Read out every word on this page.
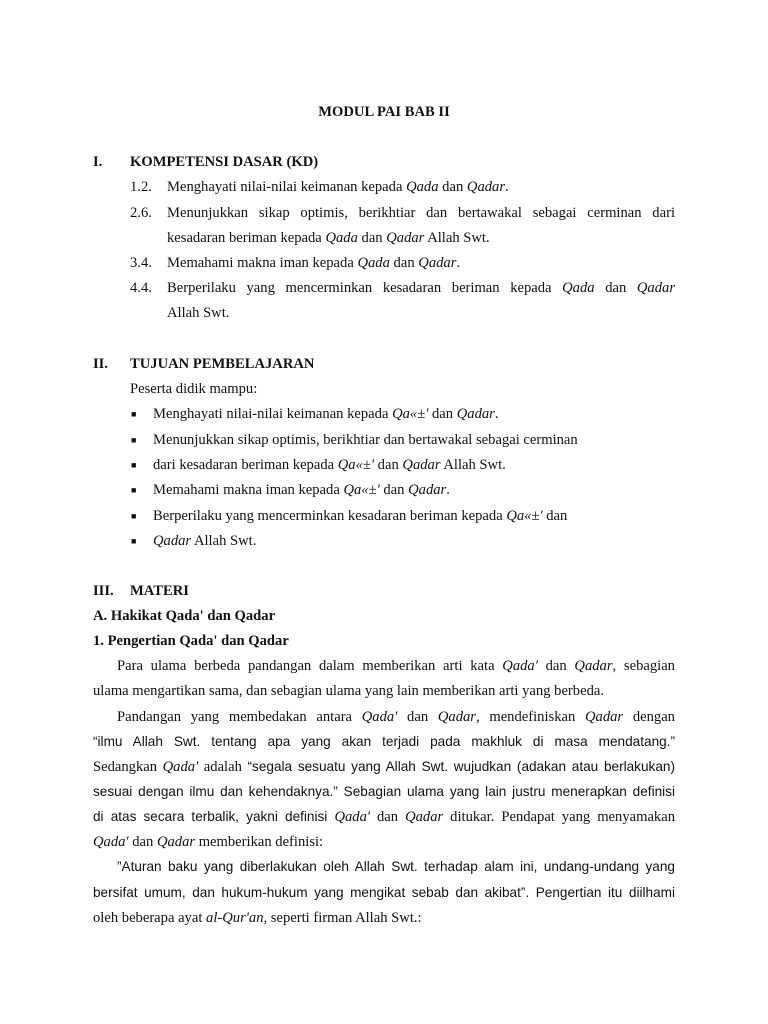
MODUL PAI BAB II
I. KOMPETENSI DASAR (KD)
1.2. Menghayati nilai-nilai keimanan kepada Qada dan Qadar.
2.6. Menunjukkan sikap optimis, berikhtiar dan bertawakal sebagai cerminan dari
kesadaran beriman kepada Qada dan Qadar Allah Swt.
3.4. Memahami makna iman kepada Qada dan Qadar.
4.4. Berperilaku yang mencerminkan kesadaran beriman kepada Qada dan Qadar
Allah Swt.
II. TUJUAN PEMBELAJARAN
Peserta didik mampu:
■ Menghayati nilai-nilai keimanan kepada Qa«±' dan Qadar.
■ Menunjukkan sikap optimis, berikhtiar dan bertawakal sebagai cerminan
■ dari kesadaran beriman kepada Qa«±' dan Qadar Allah Swt.
■ Memahami makna iman kepada Qa«±' dan Qadar.
■ Berperilaku yang mencerminkan kesadaran beriman kepada Qa«±' dan
■ Qadar Allah Swt.
III. MATERI
A. Hakikat Qada' dan Qadar
1. Pengertian Qada' dan Qadar
Para ulama berbeda pandangan dalam memberikan arti kata Qada' dan Qadar, sebagian
ulama mengartikan sama, dan sebagian ulama yang lain memberikan arti yang berbeda.
Pandangan yang membedakan antara Qada' dan Qadar, mendefiniskan Qadar dengan
“ilmu Allah Swt. tentang apa yang akan terjadi pada makhluk di masa mendatang.”
Sedangkan Qada' adalah “segala sesuatu yang Allah Swt. wujudkan (adakan atau berlakukan)
sesuai dengan ilmu dan kehendaknya.” Sebagian ulama yang lain justru menerapkan definisi
di atas secara terbalik, yakni definisi Qada' dan Qadar ditukar. Pendapat yang menyamakan
Qada' dan Qadar memberikan definisi:
”Aturan baku yang diberlakukan oleh Allah Swt. terhadap alam ini, undang-undang yang
bersifat umum, dan hukum-hukum yang mengikat sebab dan akibat”. Pengertian itu diilhami
oleh beberapa ayat al-Qur'an, seperti firman Allah Swt.:
